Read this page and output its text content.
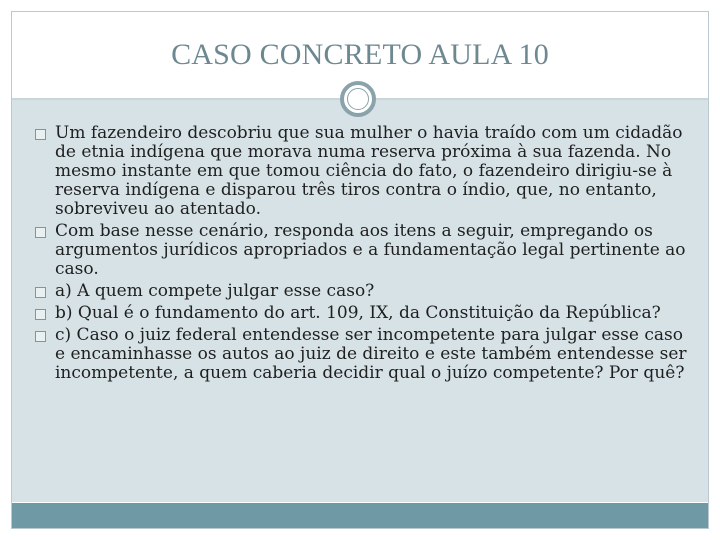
CASO CONCRETO AULA 10
Um fazendeiro descobriu que sua mulher o havia traído com um cidadão de etnia indígena que morava numa reserva próxima à sua fazenda. No mesmo instante em que tomou ciência do fato, o fazendeiro dirigiu-se à reserva indígena e disparou três tiros contra o índio, que, no entanto, sobreviveu ao atentado.
Com base nesse cenário, responda aos itens a seguir, empregando os argumentos jurídicos apropriados e a fundamentação legal pertinente ao caso.
a) A quem compete julgar esse caso?
b) Qual é o fundamento do art. 109, IX, da Constituição da República?
c) Caso o juiz federal entendesse ser incompetente para julgar esse caso e encaminhasse os autos ao juiz de direito e este também entendesse ser incompetente, a quem caberia decidir qual o juízo competente? Por quê?
